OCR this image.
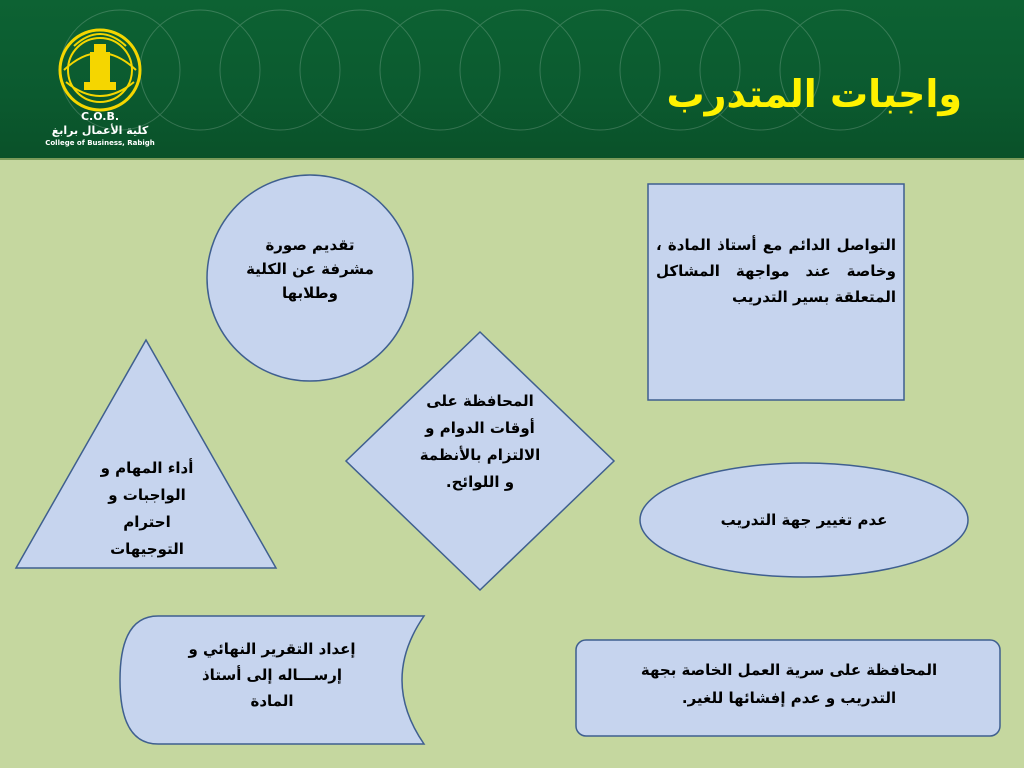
C.O.B.
كلية الأعمال برابغ
College of Business, Rabigh
واجبات المتدرب
تقديم صورة مشرفة عن الكلية وطلابها
التواصل الدائم مع أستاذ المادة ، وخاصة عند مواجهة المشاكل المتعلقة بسير التدريب
أداء المهام و الواجبات و احترام التوجيهات
المحافظة على أوقات الدوام و الالتزام بالأنظمة و اللوائح.
عدم تغيير جهة التدريب
إعداد التقرير النهائي و إرســـاله إلى أستاذ المادة
المحافظة على سرية العمل الخاصة بجهة التدريب و عدم إفشائها للغير.
